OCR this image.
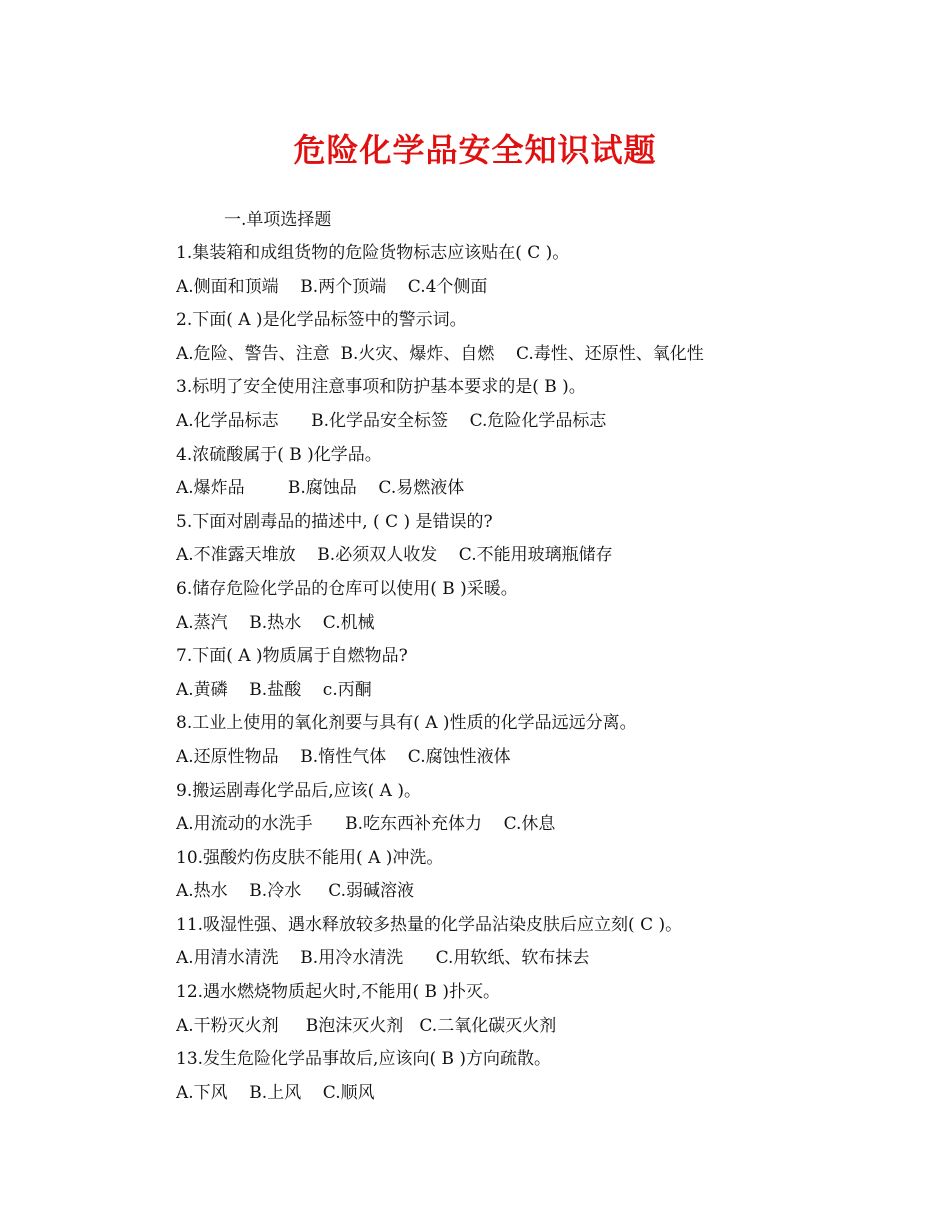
危险化学品安全知识试题
一.单项选择题
1.集装箱和成组货物的危险货物标志应该贴在( C )。
A.侧面和顶端    B.两个顶端    C.4个侧面
2.下面( A )是化学品标签中的警示词。
A.危险、警告、注意  B.火灾、爆炸、自燃    C.毒性、还原性、氧化性
3.标明了安全使用注意事项和防护基本要求的是( B )。
A.化学品标志      B.化学品安全标签    C.危险化学品标志
4.浓硫酸属于( B )化学品。
A.爆炸品        B.腐蚀品    C.易燃液体
5.下面对剧毒品的描述中, ( C ) 是错误的?
A.不准露天堆放    B.必须双人收发    C.不能用玻璃瓶储存
6.储存危险化学品的仓库可以使用( B )采暖。
A.蒸汽    B.热水    C.机械
7.下面( A )物质属于自燃物品?
A.黄磷    B.盐酸    c.丙酮
8.工业上使用的氧化剂要与具有( A )性质的化学品远远分离。
A.还原性物品    B.惰性气体    C.腐蚀性液体
9.搬运剧毒化学品后,应该( A )。
A.用流动的水洗手      B.吃东西补充体力    C.休息
10.强酸灼伤皮肤不能用( A )冲洗。
A.热水    B.冷水     C.弱碱溶液
11.吸湿性强、遇水释放较多热量的化学品沾染皮肤后应立刻( C )。
A.用清水清洗    B.用冷水清洗      C.用软纸、软布抹去
12.遇水燃烧物质起火时,不能用( B )扑灭。
A.干粉灭火剂     B泡沫灭火剂   C.二氧化碳灭火剂
13.发生危险化学品事故后,应该向( B )方向疏散。
A.下风    B.上风    C.顺风
